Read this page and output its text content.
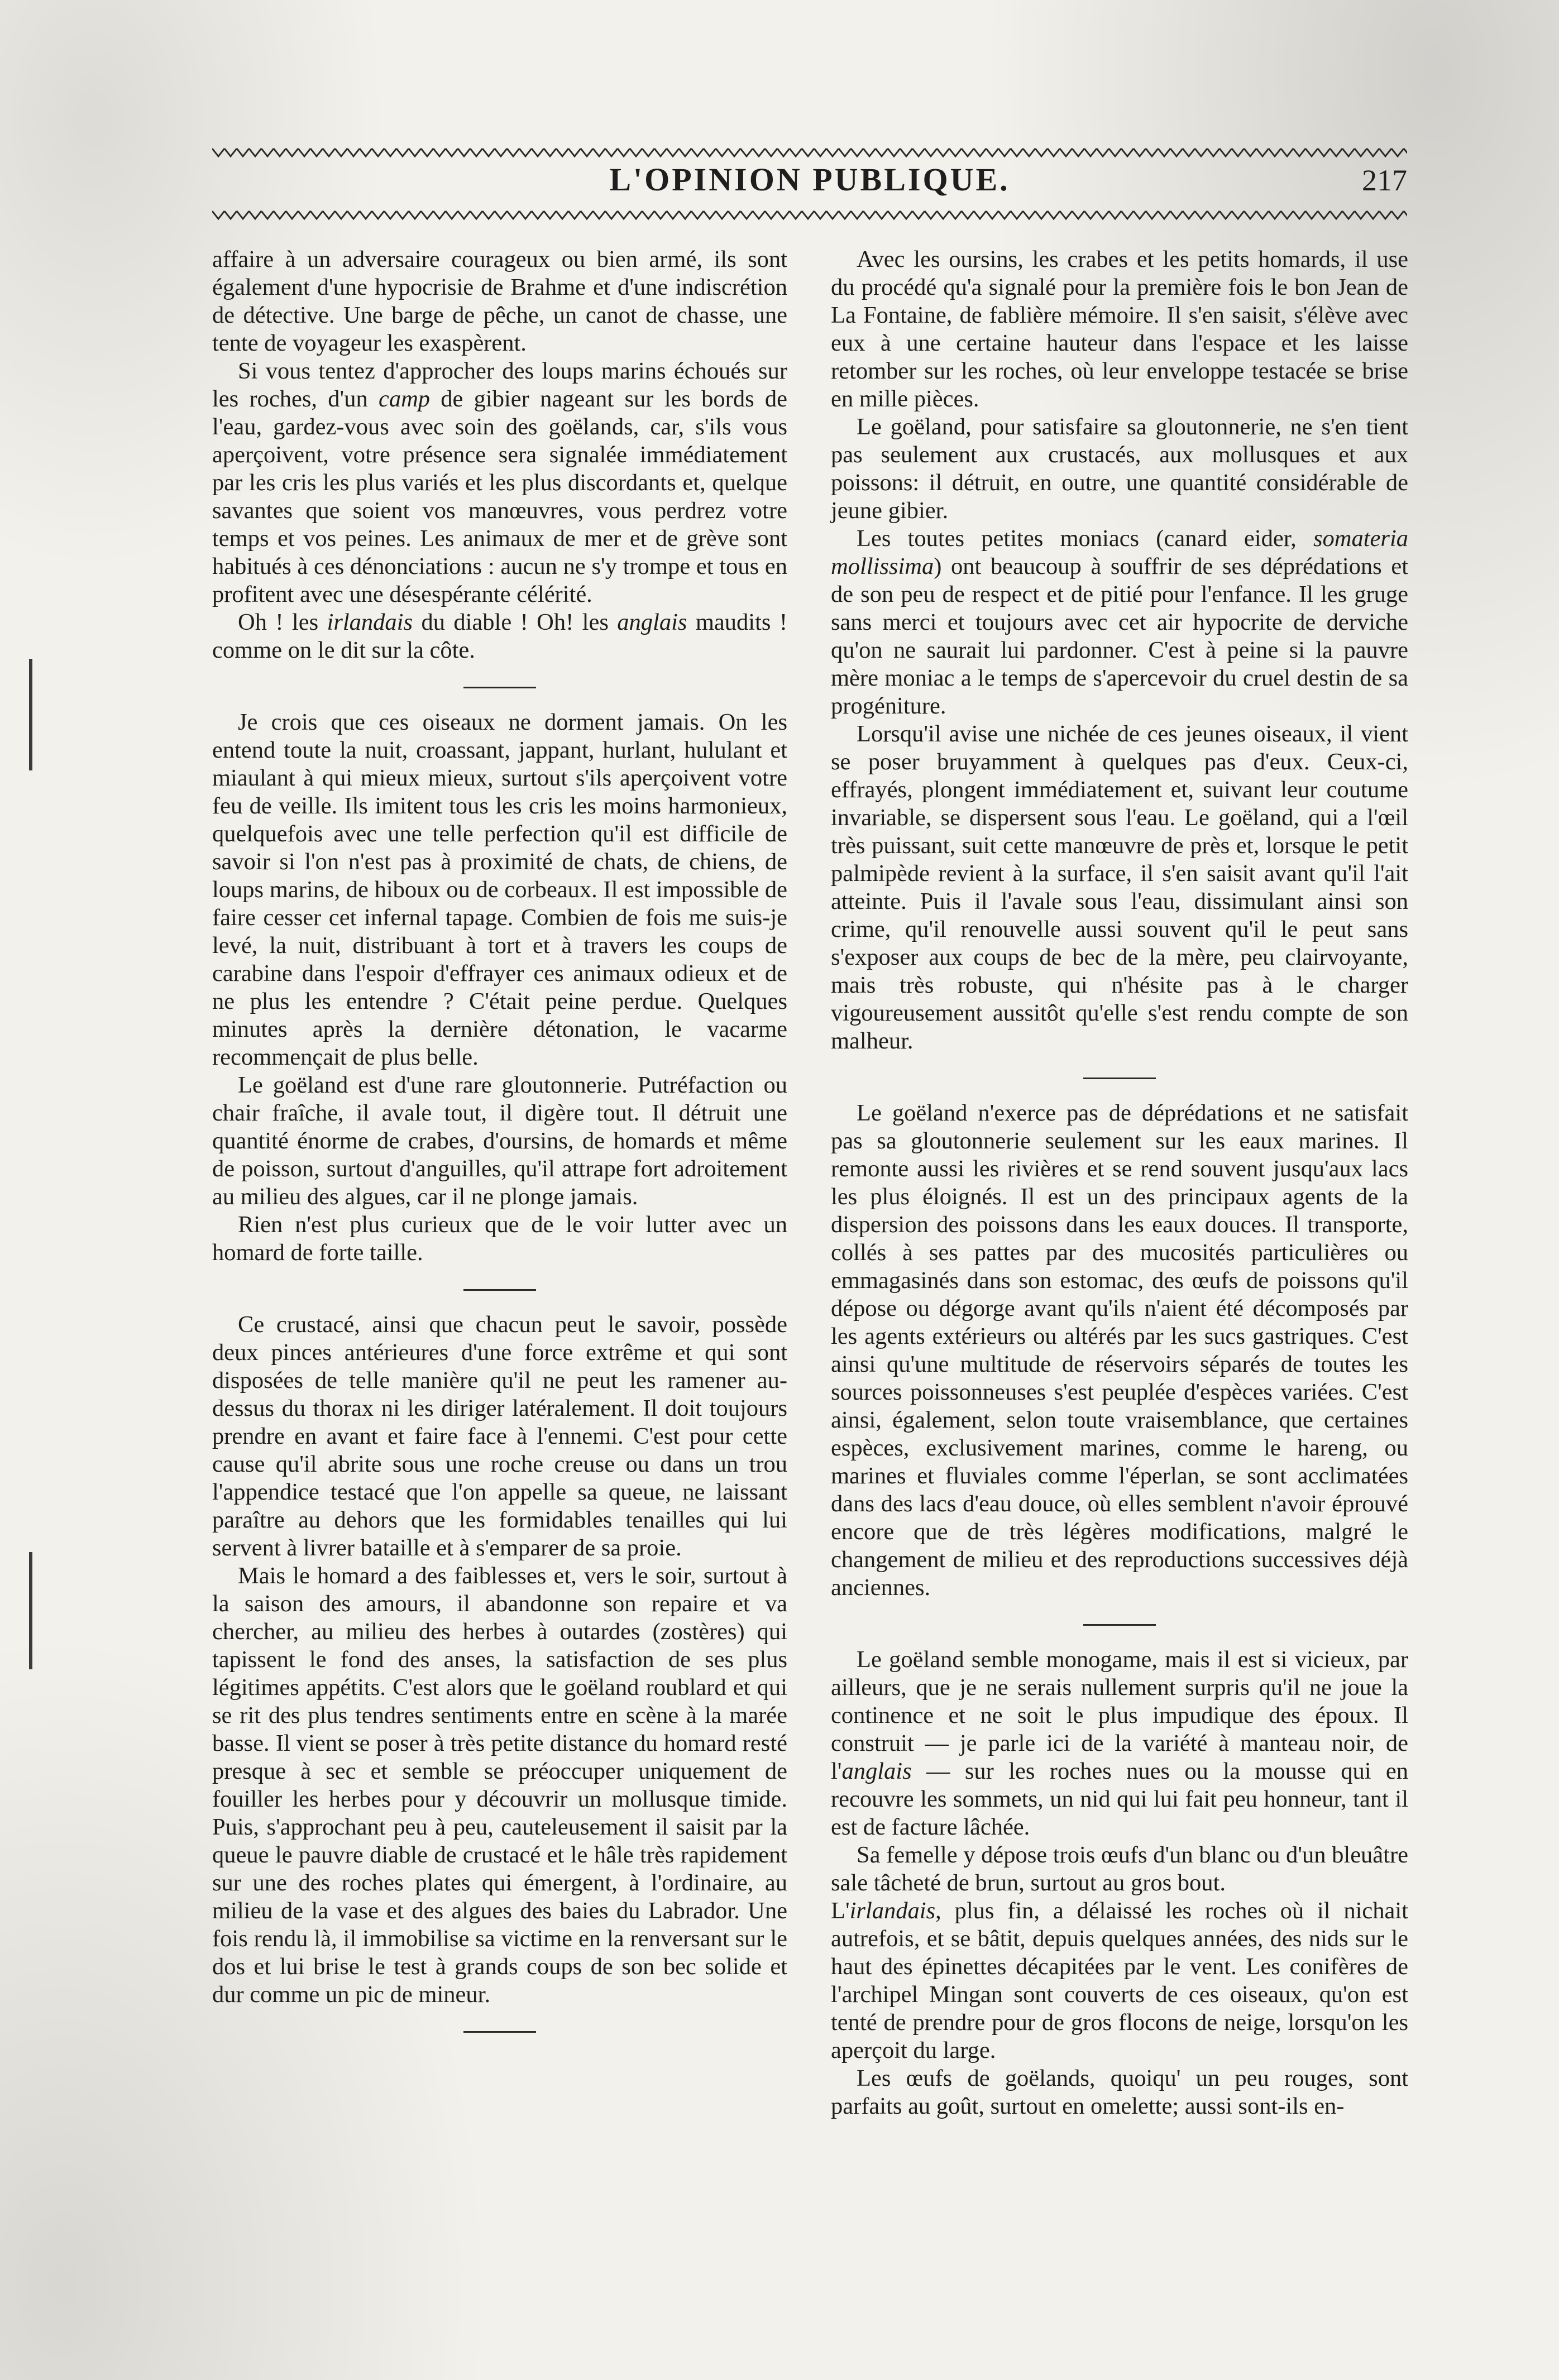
L'OPINION PUBLIQUE.	217

affaire à un adversaire courageux ou bien armé, ils sont également d'une hypocrisie de Brahme et d'une indiscrétion de détective. Une barge de pêche, un canot de chasse, une tente de voyageur les exaspèrent.

Si vous tentez d'approcher des loups marins échoués sur les roches, d'un camp de gibier nageant sur les bords de l'eau, gardez-vous avec soin des goëlands, car, s'ils vous aperçoivent, votre présence sera signalée immédiatement par les cris les plus variés et les plus discordants et, quelque savantes que soient vos manœuvres, vous perdrez votre temps et vos peines. Les animaux de mer et de grève sont habitués à ces dénonciations : aucun ne s'y trompe et tous en profitent avec une désespérante célérité.

Oh ! les irlandais du diable ! Oh! les anglais maudits ! comme on le dit sur la côte.

Je crois que ces oiseaux ne dorment jamais. On les entend toute la nuit, croassant, jappant, hurlant, hululant et miaulant à qui mieux mieux, surtout s'ils aperçoivent votre feu de veille. Ils imitent tous les cris les moins harmonieux, quelquefois avec une telle perfection qu'il est difficile de savoir si l'on n'est pas à proximité de chats, de chiens, de loups marins, de hiboux ou de corbeaux. Il est impossible de faire cesser cet infernal tapage. Combien de fois me suis-je levé, la nuit, distribuant à tort et à travers les coups de carabine dans l'espoir d'effrayer ces animaux odieux et de ne plus les entendre ? C'était peine perdue. Quelques minutes après la dernière détonation, le vacarme recommençait de plus belle.

Le goëland est d'une rare gloutonnerie. Putréfaction ou chair fraîche, il avale tout, il digère tout. Il détruit une quantité énorme de crabes, d'oursins, de homards et même de poisson, surtout d'anguilles, qu'il attrape fort adroitement au milieu des algues, car il ne plonge jamais.

Rien n'est plus curieux que de le voir lutter avec un homard de forte taille.

Ce crustacé, ainsi que chacun peut le savoir, possède deux pinces antérieures d'une force extrême et qui sont disposées de telle manière qu'il ne peut les ramener au-dessus du thorax ni les diriger latéralement. Il doit toujours prendre en avant et faire face à l'ennemi. C'est pour cette cause qu'il abrite sous une roche creuse ou dans un trou l'appendice testacé que l'on appelle sa queue, ne laissant paraître au dehors que les formidables tenailles qui lui servent à livrer bataille et à s'emparer de sa proie.

Mais le homard a des faiblesses et, vers le soir, surtout à la saison des amours, il abandonne son repaire et va chercher, au milieu des herbes à outardes (zostères) qui tapissent le fond des anses, la satisfaction de ses plus légitimes appétits. C'est alors que le goëland roublard et qui se rit des plus tendres sentiments entre en scène à la marée basse. Il vient se poser à très petite distance du homard resté presque à sec et semble se préoccuper uniquement de fouiller les herbes pour y découvrir un mollusque timide. Puis, s'approchant peu à peu, cauteleusement il saisit par la queue le pauvre diable de crustacé et le hâle très rapidement sur une des roches plates qui émergent, à l'ordinaire, au milieu de la vase et des algues des baies du Labrador. Une fois rendu là, il immobilise sa victime en la renversant sur le dos et lui brise le test à grands coups de son bec solide et dur comme un pic de mineur.

Avec les oursins, les crabes et les petits homards, il use du procédé qu'a signalé pour la première fois le bon Jean de La Fontaine, de fablière mémoire. Il s'en saisit, s'élève avec eux à une certaine hauteur dans l'espace et les laisse retomber sur les roches, où leur enveloppe testacée se brise en mille pièces.

Le goëland, pour satisfaire sa gloutonnerie, ne s'en tient pas seulement aux crustacés, aux mollusques et aux poissons: il détruit, en outre, une quantité considérable de jeune gibier.

Les toutes petites moniacs (canard eider, somateria mollissima) ont beaucoup à souffrir de ses déprédations et de son peu de respect et de pitié pour l'enfance. Il les gruge sans merci et toujours avec cet air hypocrite de derviche qu'on ne saurait lui pardonner. C'est à peine si la pauvre mère moniac a le temps de s'apercevoir du cruel destin de sa progéniture.

Lorsqu'il avise une nichée de ces jeunes oiseaux, il vient se poser bruyamment à quelques pas d'eux. Ceux-ci, effrayés, plongent immédiatement et, suivant leur coutume invariable, se dispersent sous l'eau. Le goëland, qui a l'œil très puissant, suit cette manœuvre de près et, lorsque le petit palmipède revient à la surface, il s'en saisit avant qu'il l'ait atteinte. Puis il l'avale sous l'eau, dissimulant ainsi son crime, qu'il renouvelle aussi souvent qu'il le peut sans s'exposer aux coups de bec de la mère, peu clairvoyante, mais très robuste, qui n'hésite pas à le charger vigoureusement aussitôt qu'elle s'est rendu compte de son malheur.

Le goëland n'exerce pas de déprédations et ne satisfait pas sa gloutonnerie seulement sur les eaux marines. Il remonte aussi les rivières et se rend souvent jusqu'aux lacs les plus éloignés. Il est un des principaux agents de la dispersion des poissons dans les eaux douces. Il transporte, collés à ses pattes par des mucosités particulières ou emmagasinés dans son estomac, des œufs de poissons qu'il dépose ou dégorge avant qu'ils n'aient été décomposés par les agents extérieurs ou altérés par les sucs gastriques. C'est ainsi qu'une multitude de réservoirs séparés de toutes les sources poissonneuses s'est peuplée d'espèces variées. C'est ainsi, également, selon toute vraisemblance, que certaines espèces, exclusivement marines, comme le hareng, ou marines et fluviales comme l'éperlan, se sont acclimatées dans des lacs d'eau douce, où elles semblent n'avoir éprouvé encore que de très légères modifications, malgré le changement de milieu et des reproductions successives déjà anciennes.

Le goëland semble monogame, mais il est si vicieux, par ailleurs, que je ne serais nullement surpris qu'il ne joue la continence et ne soit le plus impudique des époux. Il construit — je parle ici de la variété à manteau noir, de l'anglais — sur les roches nues ou la mousse qui en recouvre les sommets, un nid qui lui fait peu honneur, tant il est de facture lâchée.

Sa femelle y dépose trois œufs d'un blanc ou d'un bleuâtre sale tâcheté de brun, surtout au gros bout.

L'irlandais, plus fin, a délaissé les roches où il nichait autrefois, et se bâtit, depuis quelques années, des nids sur le haut des épinettes décapitées par le vent. Les conifères de l'archipel Mingan sont couverts de ces oiseaux, qu'on est tenté de prendre pour de gros flocons de neige, lorsqu'on les aperçoit du large.

Les œufs de goëlands, quoiqu' un peu rouges, sont parfaits au goût, surtout en omelette; aussi sont-ils en-
